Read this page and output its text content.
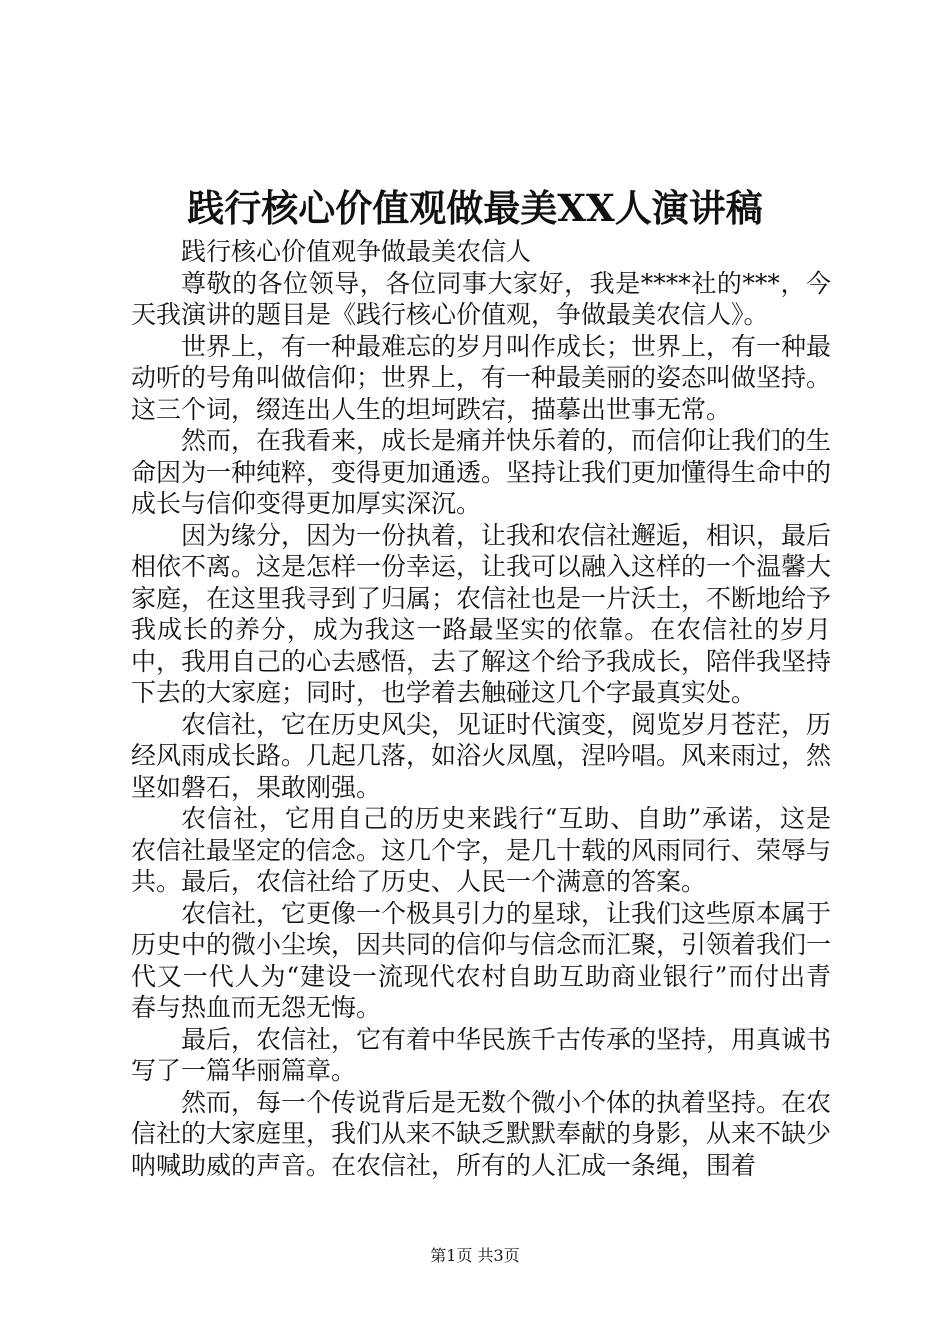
践行核心价值观做最美XX人演讲稿

践行核心价值观争做最美农信人

尊敬的各位领导，各位同事大家好，我是****社的***，今天我演讲的题目是《践行核心价值观，争做最美农信人》。

世界上，有一种最难忘的岁月叫作成长；世界上，有一种最动听的号角叫做信仰；世界上，有一种最美丽的姿态叫做坚持。这三个词，缀连出人生的坦坷跌宕，描摹出世事无常。

然而，在我看来，成长是痛并快乐着的，而信仰让我们的生命因为一种纯粹，变得更加通透。坚持让我们更加懂得生命中的成长与信仰变得更加厚实深沉。

因为缘分，因为一份执着，让我和农信社邂逅，相识，最后相依不离。这是怎样一份幸运，让我可以融入这样的一个温馨大家庭，在这里我寻到了归属；农信社也是一片沃土，不断地给予我成长的养分，成为我这一路最坚实的依靠。在农信社的岁月中，我用自己的心去感悟，去了解这个给予我成长，陪伴我坚持下去的大家庭；同时，也学着去触碰这几个字最真实处。

农信社，它在历史风尖，见证时代演变，阅览岁月苍茫，历经风雨成长路。几起几落，如浴火凤凰，涅吟唱。风来雨过，然坚如磐石，果敢刚强。

农信社，它用自己的历史来践行“互助、自助”承诺，这是农信社最坚定的信念。这几个字，是几十载的风雨同行、荣辱与共。最后，农信社给了历史、人民一个满意的答案。

农信社，它更像一个极具引力的星球，让我们这些原本属于历史中的微小尘埃，因共同的信仰与信念而汇聚，引领着我们一代又一代人为“建设一流现代农村自助互助商业银行”而付出青春与热血而无怨无悔。

最后，农信社，它有着中华民族千古传承的坚持，用真诚书写了一篇华丽篇章。

然而，每一个传说背后是无数个微小个体的执着坚持。在农信社的大家庭里，我们从来不缺乏默默奉献的身影，从来不缺少呐喊助威的声音。在农信社，所有的人汇成一条绳，围着

第1页 共3页
